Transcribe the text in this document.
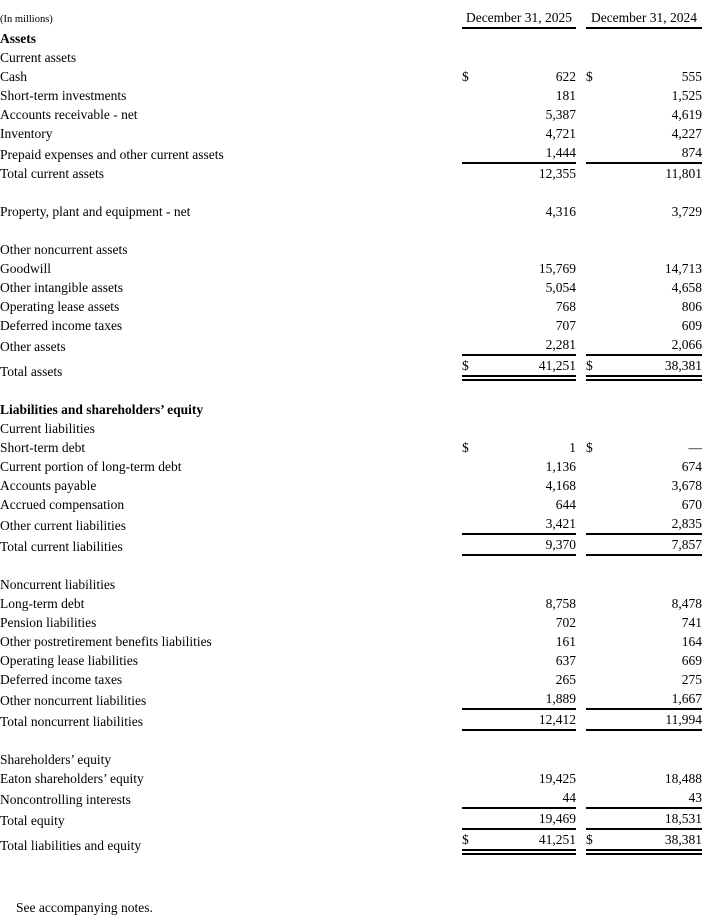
(In millions)	December 31, 2025			December 31, 2024	
Assets					
Current assets					
Cash	$	622		$	555
Short-term investments		181			1,525
Accounts receivable - net		5,387			4,619
Inventory		4,721			4,227
Prepaid expenses and other current assets		1,444			874
Total current assets		12,355			11,801

Property, plant and equipment - net		4,316			3,729

Other noncurrent assets					
Goodwill		15,769			14,713
Other intangible assets		5,054			4,658
Operating lease assets		768			806
Deferred income taxes		707			609
Other assets		2,281			2,066
Total assets	$	41,251		$	38,381

Liabilities and shareholders’ equity					
Current liabilities					
Short-term debt	$	1		$	—
Current portion of long-term debt		1,136			674
Accounts payable		4,168			3,678
Accrued compensation		644			670
Other current liabilities		3,421			2,835
Total current liabilities		9,370			7,857

Noncurrent liabilities					
Long-term debt		8,758			8,478
Pension liabilities		702			741
Other postretirement benefits liabilities		161			164
Operating lease liabilities		637			669
Deferred income taxes		265			275
Other noncurrent liabilities		1,889			1,667
Total noncurrent liabilities		12,412			11,994

Shareholders’ equity					
Eaton shareholders’ equity		19,425			18,488
Noncontrolling interests		44			43
Total equity		19,469			18,531
Total liabilities and equity	$	41,251		$	38,381
See accompanying notes.
